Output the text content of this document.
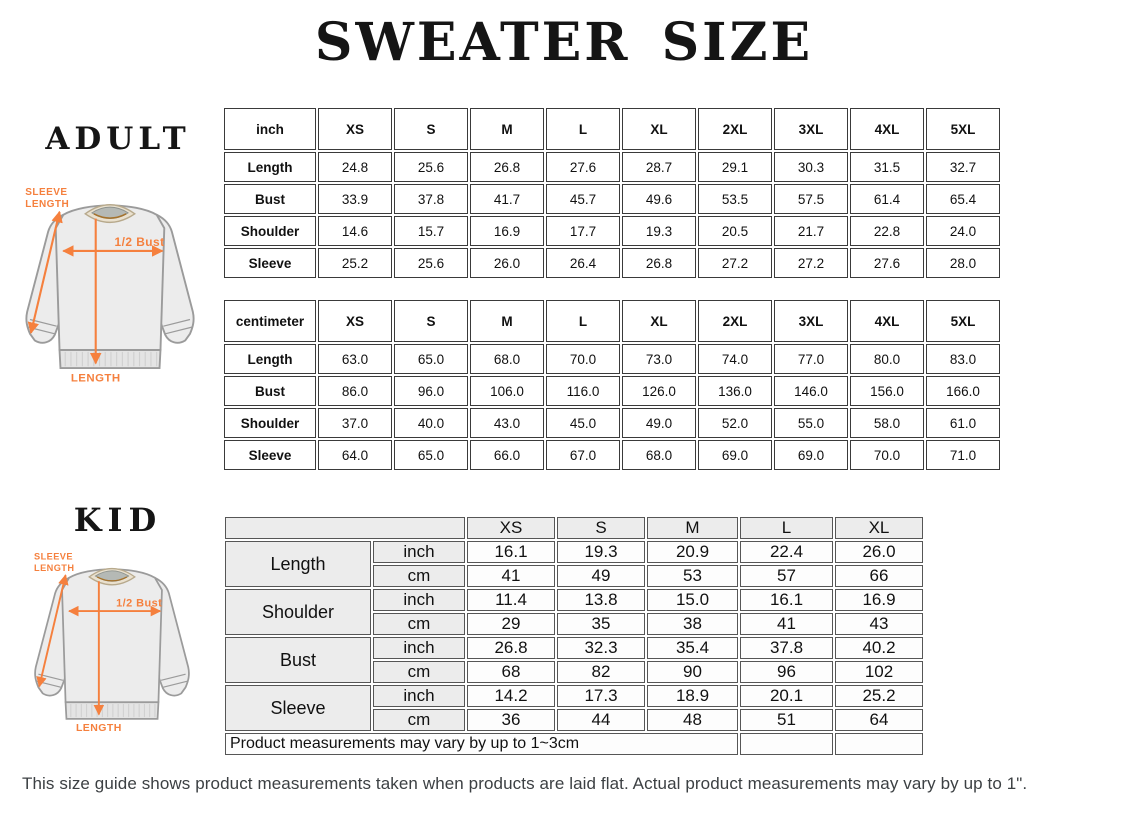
SWEATER SIZE
ADULT
KID
SLEEVE
LENGTH
1/2 Bust
LENGTH
SLEEVE
LENGTH
1/2 Bust
LENGTH
inch	XS	S	M	L	XL	2XL	3XL	4XL	5XL
Length	24.8	25.6	26.8	27.6	28.7	29.1	30.3	31.5	32.7
Bust	33.9	37.8	41.7	45.7	49.6	53.5	57.5	61.4	65.4
Shoulder	14.6	15.7	16.9	17.7	19.3	20.5	21.7	22.8	24.0
Sleeve	25.2	25.6	26.0	26.4	26.8	27.2	27.2	27.6	28.0
centimeter	XS	S	M	L	XL	2XL	3XL	4XL	5XL
Length	63.0	65.0	68.0	70.0	73.0	74.0	77.0	80.0	83.0
Bust	86.0	96.0	106.0	116.0	126.0	136.0	146.0	156.0	166.0
Shoulder	37.0	40.0	43.0	45.0	49.0	52.0	55.0	58.0	61.0
Sleeve	64.0	65.0	66.0	67.0	68.0	69.0	69.0	70.0	71.0
		XS	S	M	L	XL
Length	inch	16.1	19.3	20.9	22.4	26.0
	cm	41	49	53	57	66
Shoulder	inch	11.4	13.8	15.0	16.1	16.9
	cm	29	35	38	41	43
Bust	inch	26.8	32.3	35.4	37.8	40.2
	cm	68	82	90	96	102
Sleeve	inch	14.2	17.3	18.9	20.1	25.2
	cm	36	44	48	51	64
Product measurements may vary by up to 1~3cm						
This size guide shows product measurements taken when products are laid flat. Actual product measurements may vary by up to 1".
